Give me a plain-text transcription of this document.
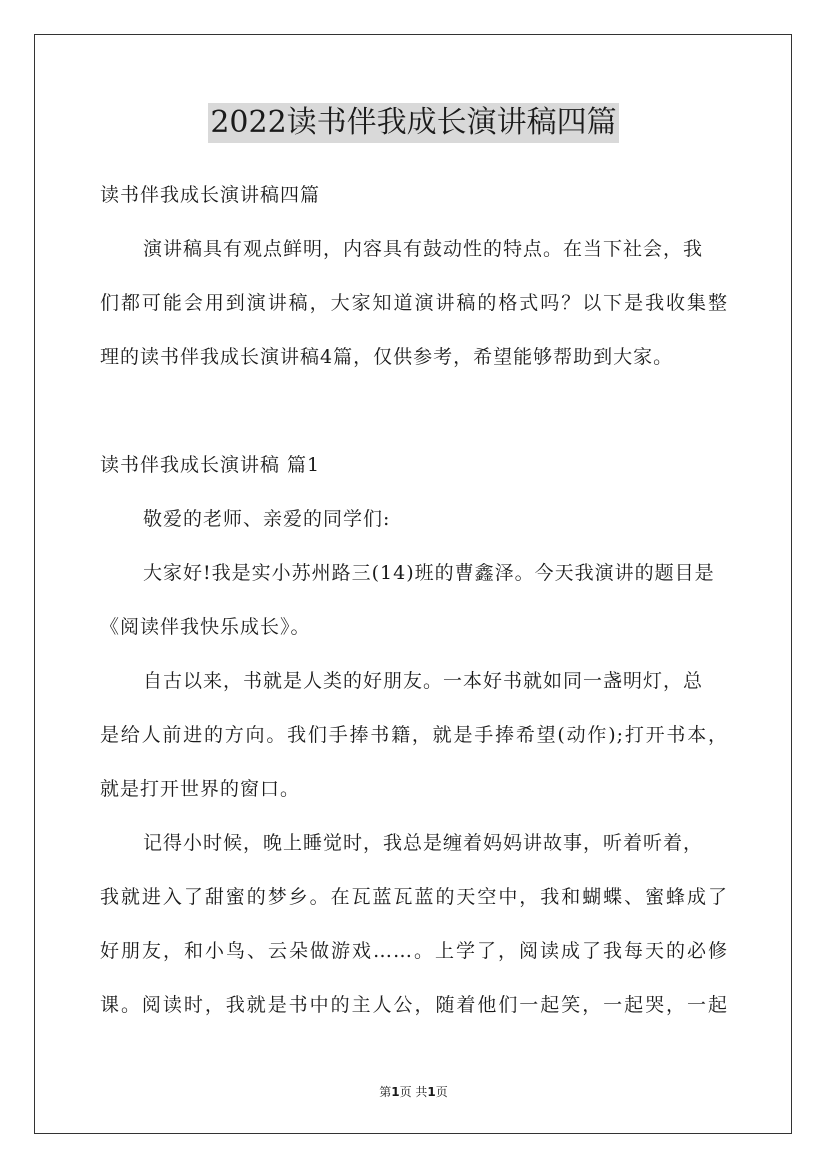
2022读书伴我成长演讲稿四篇
读书伴我成长演讲稿四篇
演讲稿具有观点鲜明，内容具有鼓动性的特点。在当下社会，我
们都可能会用到演讲稿，大家知道演讲稿的格式吗？以下是我收集整
理的读书伴我成长演讲稿4篇，仅供参考，希望能够帮助到大家。
读书伴我成长演讲稿 篇1
敬爱的老师、亲爱的同学们:
大家好!我是实小苏州路三(14)班的曹鑫泽。今天我演讲的题目是
《阅读伴我快乐成长》。
自古以来，书就是人类的好朋友。一本好书就如同一盏明灯，总
是给人前进的方向。我们手捧书籍，就是手捧希望(动作);打开书本，
就是打开世界的窗口。
记得小时候，晚上睡觉时，我总是缠着妈妈讲故事，听着听着，
我就进入了甜蜜的梦乡。在瓦蓝瓦蓝的天空中，我和蝴蝶、蜜蜂成了
好朋友，和小鸟、云朵做游戏……。上学了，阅读成了我每天的必修
课。阅读时，我就是书中的主人公，随着他们一起笑，一起哭，一起
第1页 共1页
